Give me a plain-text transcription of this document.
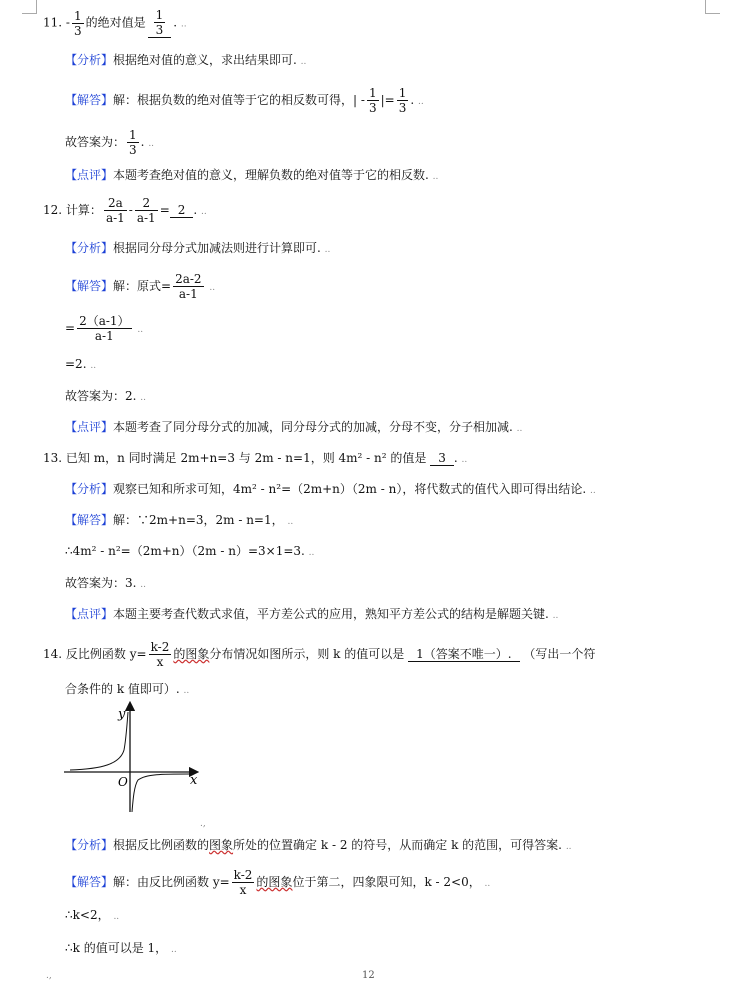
11. - $\frac{1}{3}$ 的绝对值是 $\frac{1}{3}$ . ..
【分析】根据绝对值的意义，求出结果即可. ..
【解答】解：根据负数的绝对值等于它的相反数可得，| - $\frac{1}{3}$ |= $\frac{1}{3}$ . ..
故答案为： $\frac{1}{3}$ . ..
【点评】本题考查绝对值的意义，理解负数的绝对值等于它的相反数. ..
12. 计算： $\frac{2a}{a-1} - \frac{2}{a-1} = 2$ . ..
【分析】根据同分母分式加减法则进行计算即可. ..
【解答】解：原式= $\frac{2a-2}{a-1}$ ..
= $\frac{2(a-1)}{a-1}$ ..
=2. ..
故答案为：2. ..
【点评】本题考查了同分母分式的加减，同分母分式的加减，分母不变，分子相加减. ..
13. 已知 m，n 同时满足 2m+n=3 与 2m - n=1，则 4m² - n² 的值是 3 . ..
【分析】观察已知和所求可知，4m² - n²=（2m+n）（2m - n），将代数式的值代入即可得出结论. ..
【解答】解：∵2m+n=3，2m - n=1， ..
∴4m² - n²=（2m+n）（2m - n）=3×1=3. ..
故答案为：3. ..
【点评】本题主要考查代数式求值，平方差公式的应用，熟知平方差公式的结构是解题关键. ..
14. 反比例函数 $y= \frac{k-2}{x}$ 的图象分布情况如图所示，则 k 的值可以是 1（答案不唯一）. （写出一个符
合条件的 k 值即可）. ..
y
x
O
.,
【分析】根据反比例函数的图象所处的位置确定 k - 2 的符号，从而确定 k 的范围，可得答案. ..
【解答】解：由反比例函数 $y= \frac{k-2}{x}$ 的图象位于第二，四象限可知，k - 2<0， ..
∴k<2， ..
∴k 的值可以是 1， ..
.,	12
